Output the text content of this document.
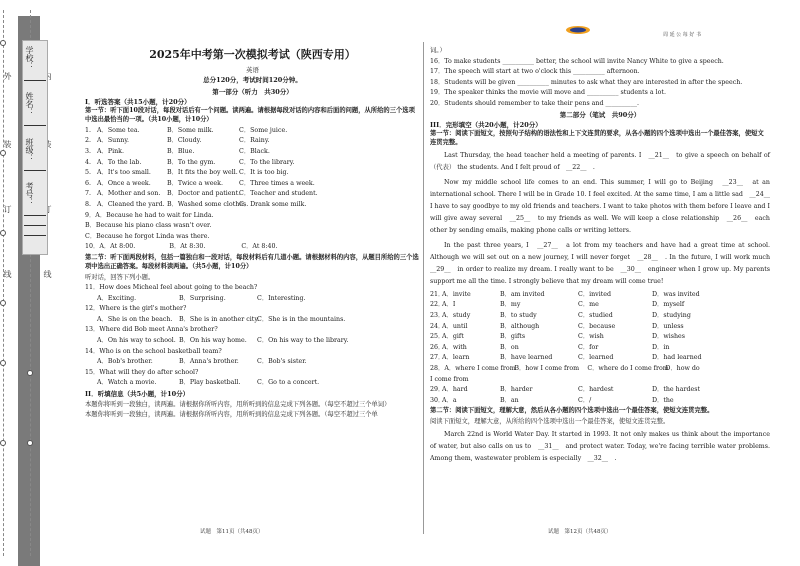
外
装
订
线	线
学校：
姓名：
班级：
考号：
此卷只装订不密封
周 延 公 每 好 书
2025年中考第一次模拟考试（陕西专用）
英语
总分120分，考试时间120分钟。
第一部分（听力　共30分）
I．听选答案（共15小题，计20分）
第一节：听下面10段对话，每段对话后有一个问题。读两遍。请根据每段对话的内容和后面的问题，从所给的三个选项中选出最恰当的一项。（共10小题，计10分）
1. A．Some tea.	B．Some milk.	C．Some juice.
2. A．Sunny.	B．Cloudy.	C．Rainy.
3. A．Pink.	B．Blue.	C．Black.
4. A．To the lab.	B．To the gym.	C．To the library.
5. A．It's too small.	B．It fits the boy well.C．It is too big.
6. A．Once a week.	B．Twice a week.	C．Three times a week.
7. A．Mother and son. B．Doctor and patient.C．Teacher and student.
8. A．Cleaned the yard. B．Washed some clothes.C．Drank some milk.
9．A．Because he had to wait for Linda.
B．Because his piano class wasn't over.
C．Because he forgot Linda was there.
10．A．At 8:00.	B．At 8:30.	C．At 8:40.
第二节：听下面两段材料，包括一篇独白和一段对话，每段材料后有几道小题。请根据材料的内容，从题目所给的三个选项中选出正确答案。每段材料读两遍。（共5小题，计10分）
听对话，回答下列小题。
11．How does Micheal feel about going to the beach?
A．Exciting.	B．Surprising.	C．Interesting.
12．Where is the girl's mother?
A．She is on the beach. B．She is in another city.C．She is in the mountains.
13．Where did Bob meet Anna's brother?
A．On his way to school. B．On his way home. C．On his way to the library.
14．Who is on the school basketball team?
A．Bob's brother.	B．Anna's brother.	C．Bob's sister.
15．What will they do after school?
A．Watch a movie.	B．Play basketball.	C．Go to a concert.
II．听填信息（共5小题，计10分）
本题你将听到一段独白，读两遍。请根据你所听内容，用所听到的信息完成下列各题。（每空不超过三个单词）
本题你将听到一段独白，读两遍。请根据你所听内容，用所听到的信息完成下列各题。（每空不超过三个单
试题　第11页（共48页）
词。）
16．To make students __________ better, the school will invite Nancy White to give a speech.
17．The speech will start at two o'clock this __________ afternoon.
18．Students will be given __________ minutes to ask what they are interested in after the speech.
19．The speaker thinks the movie will move and __________ students a lot.
20．Students should remember to take their pens and __________.
第二部分（笔试　共90分）
III．完形填空（共20小题，计20分）
第一节：阅读下面短文，按照句子结构的语法性和上下文连贯的要求，从各小题的四个选项中选出一个最佳答案，使短文连贯完整。
Last Thursday, the head teacher held a meeting of parents. I　__21__　to give a speech on behalf of（代表） the students. And I felt proud of　__22__　.
Now my middle school life comes to an end. This summer, I will go to Beijing　__23__　at an international school. There I will be in Grade 10. I feel excited. At the same time, I am a little sad　__24__　I have to say goodbye to my old friends and teachers. I want to take photos with them before I leave and I will give away several　__25__　to my friends as well. We will keep a close relationship　__26__　each other by sending emails, making phone calls or writing letters.
In the past three years, I　__27__　a lot from my teachers and have had a great time at school. Although we will set out on a new journey, I will never forget　__28__　. In the future, I will work much　__29__　in order to realize my dream. I really want to be　__30__　engineer when I grow up. My parents support me all the time. I strongly believe that my dream will come true!
21．A．invite	B．am invited	C．invited	D．was invited
22．A．I	B．my	C．me	D．myself
23．A．study	B．to study	C．studied	D．studying
24．A．until	B．although	C．because	D．unless
25．A．gift	B．gifts	C．wish	D．wishes
26．A．with	B．on	C．for	D．in
27．A．learn	B．have learned	C．learned	D．had learned
28．A．where I come fromB．how I come from C．where do I come fromD．how do
I come from
29．A．hard	B．harder	C．hardest	D．the hardest
30．A．a	B．an	C．/	D．the
第二节：阅读下面短文，理解大意，然后从各小题的四个选项中选出一个最佳答案，使短文连贯完整。
阅读下面短文，理解大意，从所给的四个选项中选出一个最佳答案，使短文连贯完整。
March 22nd is World Water Day. It started in 1993. It not only makes us think about the importance of water, but also calls on us to　__31__　and protect water. Today, we're facing terrible water problems. Among them, wastewater problem is especially　__32__　.
试题　第12页（共48页）
